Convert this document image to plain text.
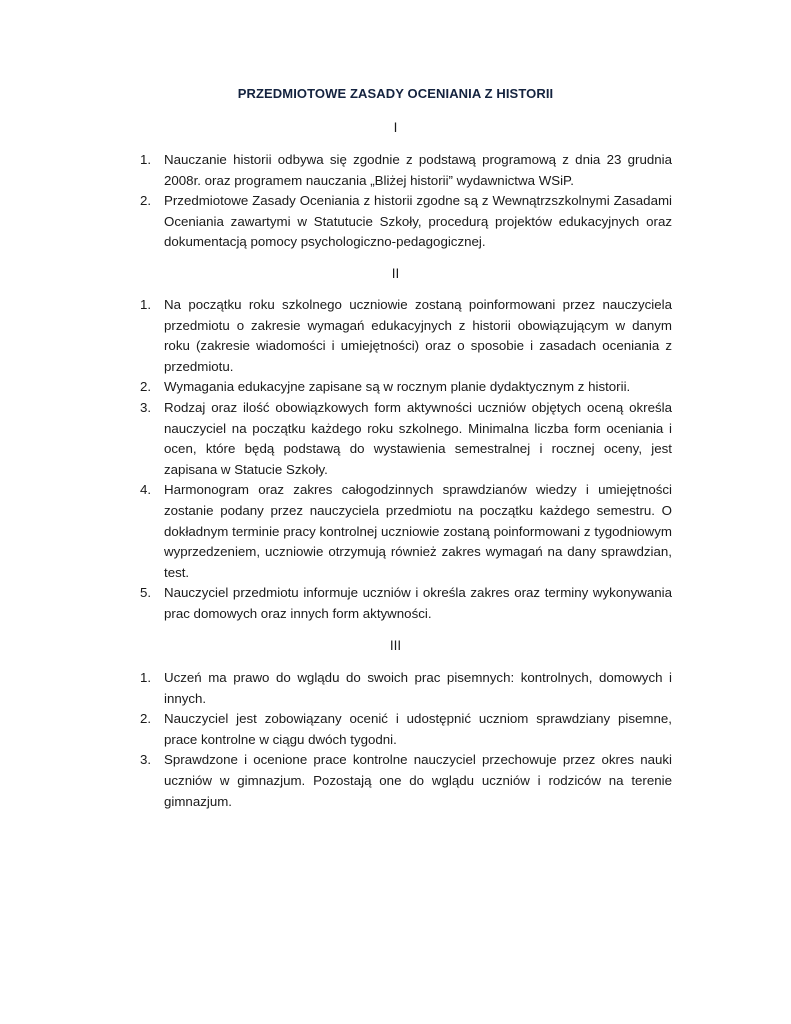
PRZEDMIOTOWE ZASADY OCENIANIA Z HISTORII
I
1. Nauczanie historii odbywa się zgodnie z podstawą programową z dnia 23 grudnia 2008r. oraz programem nauczania „Bliżej historii” wydawnictwa WSiP.
2. Przedmiotowe Zasady Oceniania z historii zgodne są z Wewnątrzszkolnymi Zasadami Oceniania zawartymi w Statutucie Szkoły, procedurą projektów edukacyjnych oraz dokumentacją pomocy psychologiczno-pedagogicznej.
II
1. Na początku roku szkolnego uczniowie zostaną poinformowani przez nauczyciela przedmiotu o zakresie wymagań edukacyjnych z historii obowiązującym w danym roku (zakresie wiadomości i umiejętności) oraz o sposobie i zasadach oceniania z przedmiotu.
2. Wymagania edukacyjne zapisane są w rocznym planie dydaktycznym z historii.
3. Rodzaj oraz ilość obowiązkowych form aktywności uczniów objętych oceną określa nauczyciel na początku każdego roku szkolnego. Minimalna liczba form oceniania i ocen, które będą podstawą do wystawienia semestralnej i rocznej oceny, jest zapisana w Statucie Szkoły.
4. Harmonogram oraz zakres całogodzinnych sprawdzianów wiedzy i umiejętności zostanie podany przez nauczyciela przedmiotu na początku każdego semestru. O dokładnym terminie pracy kontrolnej uczniowie zostaną poinformowani z tygodniowym wyprzedzeniem, uczniowie otrzymują również zakres wymagań na dany sprawdzian, test.
5. Nauczyciel przedmiotu informuje uczniów i określa zakres oraz terminy wykonywania prac domowych oraz innych form aktywności.
III
1. Uczeń ma prawo do wglądu do swoich prac pisemnych: kontrolnych, domowych i innych.
2. Nauczyciel jest zobowiązany ocenić i udostępnić uczniom sprawdziany pisemne, prace kontrolne w ciągu dwóch tygodni.
3. Sprawdzone i ocenione prace kontrolne nauczyciel przechowuje przez okres nauki uczniów w gimnazjum. Pozostają one do wglądu uczniów i rodziców na terenie gimnazjum.
